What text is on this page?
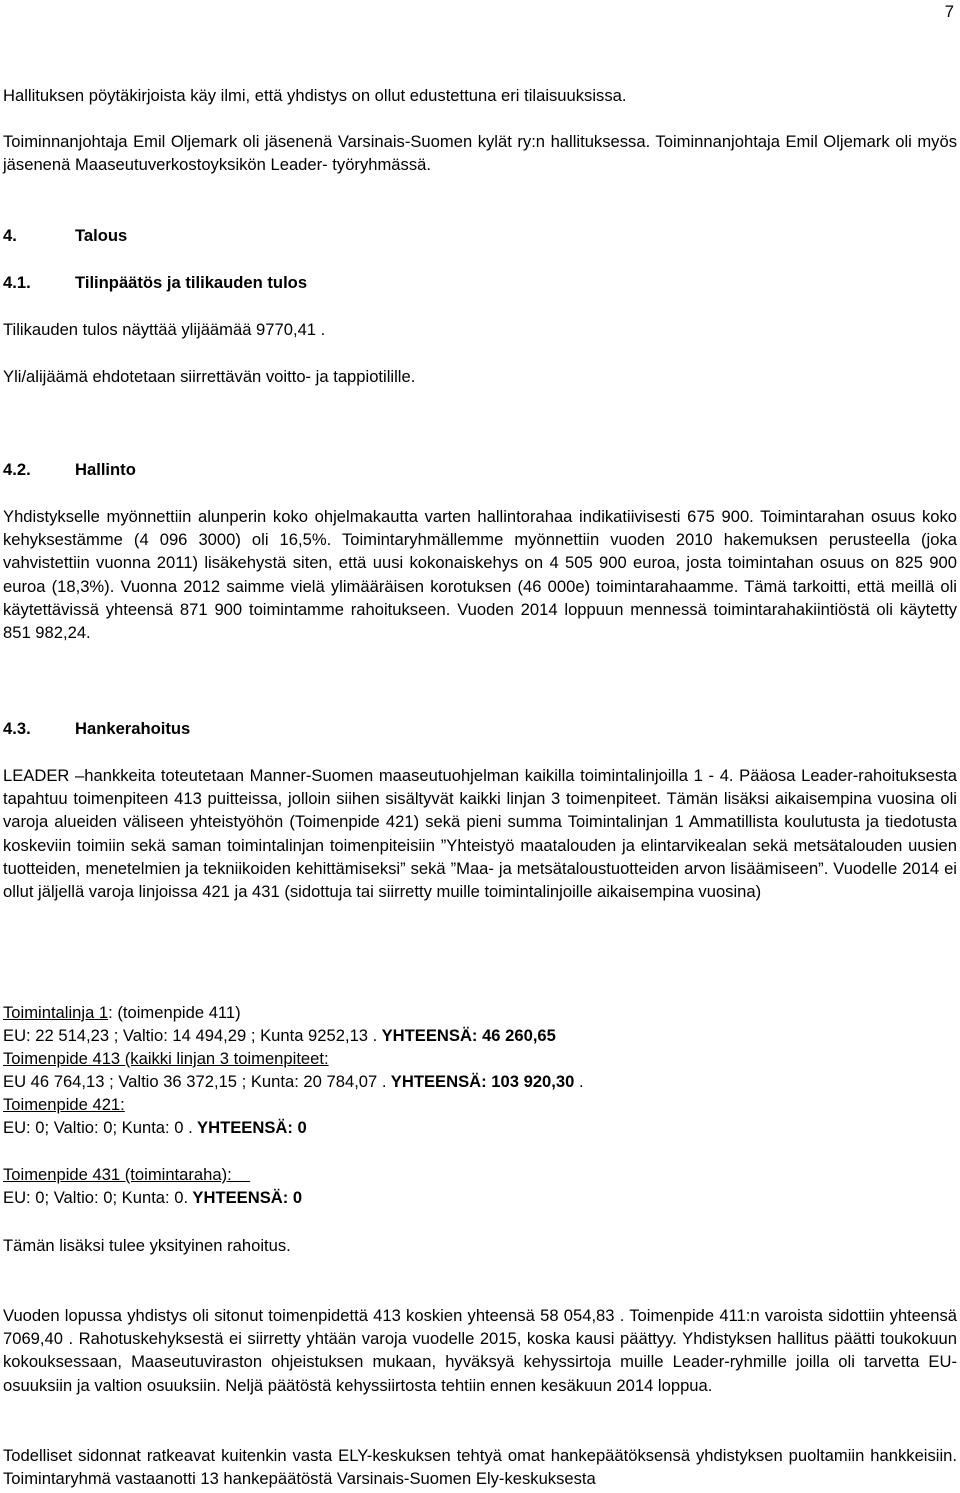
7

Hallituksen pöytäkirjoista käy ilmi, että yhdistys on ollut edustettuna eri tilaisuuksissa.

Toiminnanjohtaja Emil Oljemark oli jäsenenä Varsinais-Suomen kylät ry:n hallituksessa. Toiminnanjohtaja Emil Oljemark oli myös jäsenenä Maaseutuverkostoyksikön Leader- työryhmässä.

4.	Talous
4.1.	Tilinpäätös ja tilikauden tulos

Tilikauden tulos näyttää ylijäämää 9770,41 .

Yli/alijäämä ehdotetaan siirrettävän voitto- ja tappiotilille.

4.2.	Hallinto

Yhdistykselle myönnettiin alunperin koko ohjelmakautta varten hallintorahaa indikatiivisesti 675 900. Toimintarahan osuus koko kehyksestämme (4 096 3000) oli 16,5%. Toimintaryhmällemme myönnettiin vuoden 2010 hakemuksen perusteella (joka vahvistettiin vuonna 2011) lisäkehystä siten, että uusi kokonaiskehys on 4 505 900 euroa, josta toimintahan osuus on 825 900 euroa (18,3%). Vuonna 2012 saimme vielä ylimääräisen korotuksen (46 000e) toimintarahaamme. Tämä tarkoitti, että meillä oli käytettävissä yhteensä 871 900 toimintamme rahoitukseen. Vuoden 2014 loppuun mennessä toimintarahakiintiöstä oli käytetty 851 982,24.

4.3.	Hankerahoitus

LEADER –hankkeita toteutetaan Manner-Suomen maaseutuohjelman kaikilla toimintalinjoilla 1 - 4. Pääosa Leader-rahoituksesta tapahtuu toimenpiteen 413 puitteissa, jolloin siihen sisältyvät kaikki linjan 3 toimenpiteet. Tämän lisäksi aikaisempina vuosina oli varoja alueiden väliseen yhteistyöhön (Toimenpide 421) sekä pieni summa Toimintalinjan 1 Ammatillista koulutusta ja tiedotusta koskeviin toimiin sekä saman toimintalinjan toimenpiteisiin ”Yhteistyö maatalouden ja elintarvikealan sekä metsätalouden uusien tuotteiden, menetelmien ja tekniikoiden kehittämiseksi” sekä ”Maa- ja metsätaloustuotteiden arvon lisäämiseen”. Vuodelle 2014 ei ollut jäljellä varoja linjoissa 421 ja 431 (sidottuja tai siirretty muille toimintalinjoille aikaisempina vuosina)

Toimintalinja 1: (toimenpide 411)
EU: 22 514,23 ; Valtio: 14 494,29 ; Kunta 9252,13 . YHTEENSÄ: 46 260,65
Toimenpide 413 (kaikki linjan 3 toimenpiteet:
EU 46 764,13 ; Valtio 36 372,15 ; Kunta: 20 784,07 . YHTEENSÄ: 103 920,30 .
Toimenpide 421:
EU: 0; Valtio: 0; Kunta: 0 . YHTEENSÄ: 0
Toimenpide 431 (toimintaraha):
EU: 0; Valtio: 0; Kunta: 0. YHTEENSÄ: 0

Tämän lisäksi tulee yksityinen rahoitus.

Vuoden lopussa yhdistys oli sitonut toimenpidettä 413 koskien yhteensä 58 054,83 . Toimenpide 411:n varoista sidottiin yhteensä 7069,40 . Rahotuskehyksestä ei siirretty yhtään varoja vuodelle 2015, koska kausi päättyy. Yhdistyksen hallitus päätti toukokuun kokouksessaan, Maaseutuviraston ohjeistuksen mukaan, hyväksyä kehyssirtoja muille Leader-ryhmille joilla oli tarvetta EU-osuuksiin ja valtion osuuksiin. Neljä päätöstä kehyssiirtosta tehtiin ennen kesäkuun 2014 loppua.

Todelliset sidonnat ratkeavat kuitenkin vasta ELY-keskuksen tehtyä omat hankepäätöksensä yhdistyksen puoltamiin hankkeisiin. Toimintaryhmä vastaanotti 13 hankepäätöstä Varsinais-Suomen Ely-keskuksesta
